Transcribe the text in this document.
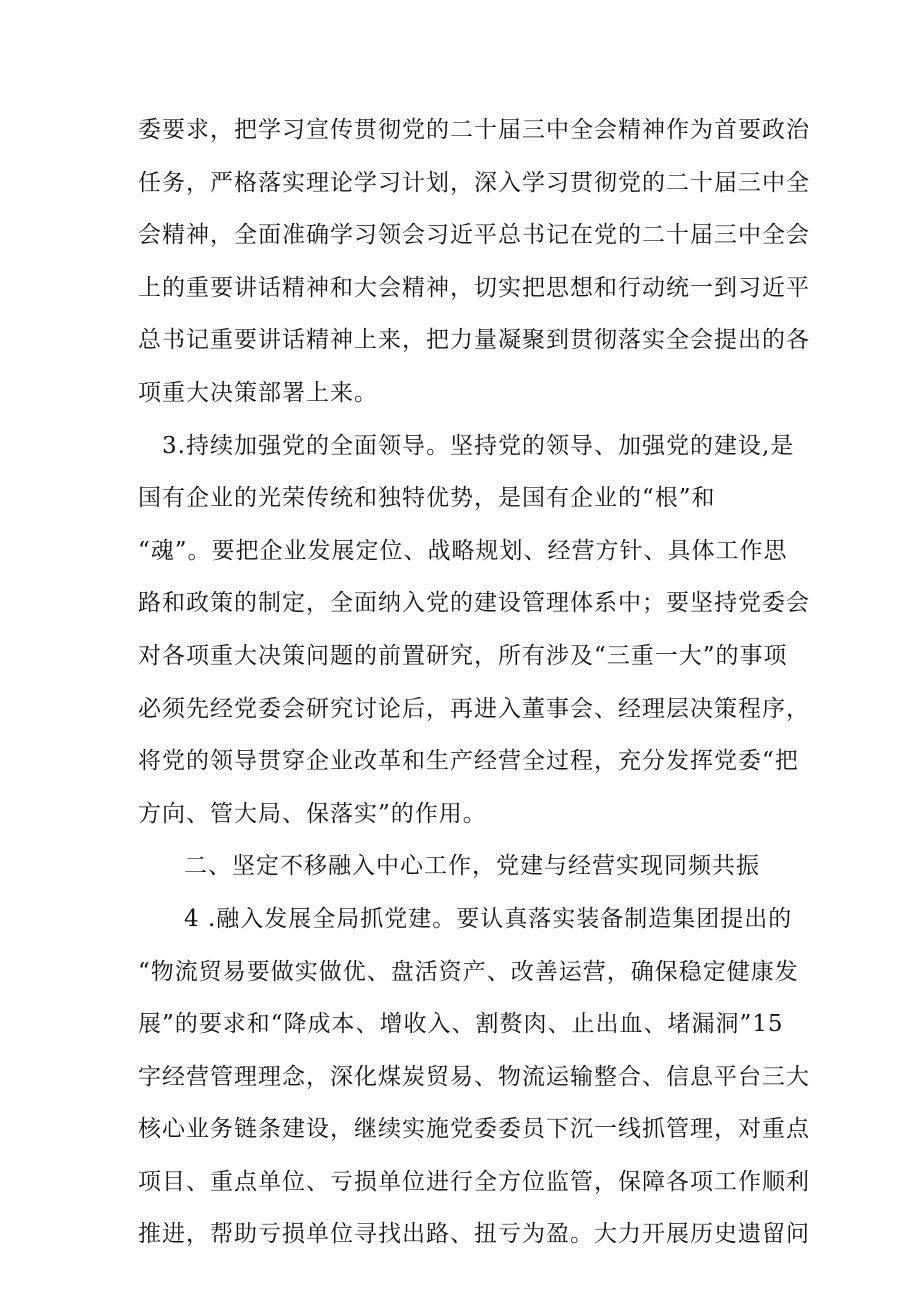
委要求，把学习宣传贯彻党的二十届三中全会精神作为首要政治
任务，严格落实理论学习计划，深入学习贯彻党的二十届三中全
会精神，全面准确学习领会习近平总书记在党的二十届三中全会
上的重要讲话精神和大会精神，切实把思想和行动统一到习近平
总书记重要讲话精神上来，把力量凝聚到贯彻落实全会提出的各
项重大决策部署上来。
3.持续加强党的全面领导。坚持党的领导、加强党的建设,是
国有企业的光荣传统和独特优势，是国有企业的“根”和
“魂”。要把企业发展定位、战略规划、经营方针、具体工作思
路和政策的制定，全面纳入党的建设管理体系中；要坚持党委会
对各项重大决策问题的前置研究，所有涉及“三重一大”的事项
必须先经党委会研究讨论后，再进入董事会、经理层决策程序，
将党的领导贯穿企业改革和生产经营全过程，充分发挥党委“把
方向、管大局、保落实”的作用。
二、坚定不移融入中心工作，党建与经营实现同频共振
4 .融入发展全局抓党建。要认真落实装备制造集团提出的
“物流贸易要做实做优、盘活资产、改善运营，确保稳定健康发
展”的要求和“降成本、增收入、割赘肉、止出血、堵漏洞”15
字经营管理理念，深化煤炭贸易、物流运输整合、信息平台三大
核心业务链条建设，继续实施党委委员下沉一线抓管理，对重点
项目、重点单位、亏损单位进行全方位监管，保障各项工作顺利
推进，帮助亏损单位寻找出路、扭亏为盈。大力开展历史遗留问
